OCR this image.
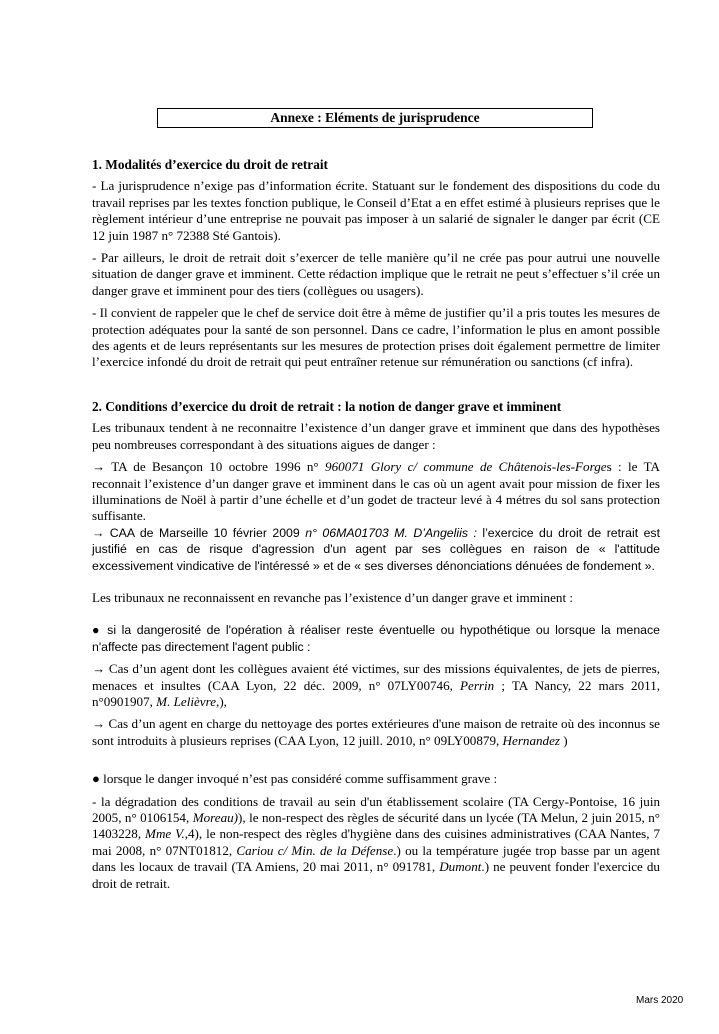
Annexe : Eléments de jurisprudence
1. Modalités d’exercice du droit de retrait

- La jurisprudence n’exige pas d’information écrite. Statuant sur le fondement des dispositions du code du travail reprises par les textes fonction publique, le Conseil d’Etat a en effet estimé à plusieurs reprises que le règlement intérieur d’une entreprise ne pouvait pas imposer à un salarié de signaler le danger par écrit (CE 12 juin 1987 n° 72388 Sté Gantois).

- Par ailleurs, le droit de retrait doit s’exercer de telle manière qu’il ne crée pas pour autrui une nouvelle situation de danger grave et imminent. Cette rédaction implique que le retrait ne peut s’effectuer s’il crée un danger grave et imminent pour des tiers (collègues ou usagers).

- Il convient de rappeler que le chef de service doit être à même de justifier qu’il a pris toutes les mesures de protection adéquates pour la santé de son personnel. Dans ce cadre, l’information le plus en amont possible des agents et de leurs représentants sur les mesures de protection prises doit également permettre de limiter l’exercice infondé du droit de retrait qui peut entraîner retenue sur rémunération ou sanctions (cf infra).

2. Conditions d’exercice du droit de retrait : la notion de danger grave et imminent

Les tribunaux tendent à ne reconnaitre l’existence d’un danger grave et imminent que dans des hypothèses peu nombreuses correspondant à des situations aigues de danger :

→ TA de Besançon 10 octobre 1996 n° 960071 Glory c/ commune de Châtenois-les-Forges : le TA reconnait l’existence d’un danger grave et imminent dans le cas où un agent avait pour mission de fixer les illuminations de Noël à partir d’une échelle et d’un godet de tracteur levé à 4 métres du sol sans protection suffisante.

→ CAA de Marseille 10 février 2009 n° 06MA01703 M. D’Angeliis : l’exercice du droit de retrait est justifié en cas de risque d'agression d'un agent par ses collègues en raison de « l'attitude excessivement vindicative de l'intéressé » et de « ses diverses dénonciations dénuées de fondement ».

Les tribunaux ne reconnaissent en revanche pas l’existence d’un danger grave et imminent :

● si la dangerosité de l'opération à réaliser reste éventuelle ou hypothétique ou lorsque la menace n'affecte pas directement l'agent public :

→ Cas d’un agent dont les collègues avaient été victimes, sur des missions équivalentes, de jets de pierres, menaces et insultes (CAA Lyon, 22 déc. 2009, n° 07LY00746, Perrin ; TA Nancy, 22 mars 2011, n°0901907, M. Lelièvre,),

→ Cas d’un agent en charge du nettoyage des portes extérieures d'une maison de retraite où des inconnus se sont introduits à plusieurs reprises (CAA Lyon, 12 juill. 2010, n° 09LY00879, Hernandez )

● lorsque le danger invoqué n’est pas considéré comme suffisamment grave :

- la dégradation des conditions de travail au sein d'un établissement scolaire (TA Cergy-Pontoise, 16 juin 2005, n° 0106154, Moreau)), le non-respect des règles de sécurité dans un lycée (TA Melun, 2 juin 2015, n° 1403228, Mme V.,4), le non-respect des règles d'hygiène dans des cuisines administratives (CAA Nantes, 7 mai 2008, n° 07NT01812, Cariou c/ Min. de la Défense.) ou la température jugée trop basse par un agent dans les locaux de travail (TA Amiens, 20 mai 2011, n° 091781, Dumont.) ne peuvent fonder l'exercice du droit de retrait.

Mars 2020
